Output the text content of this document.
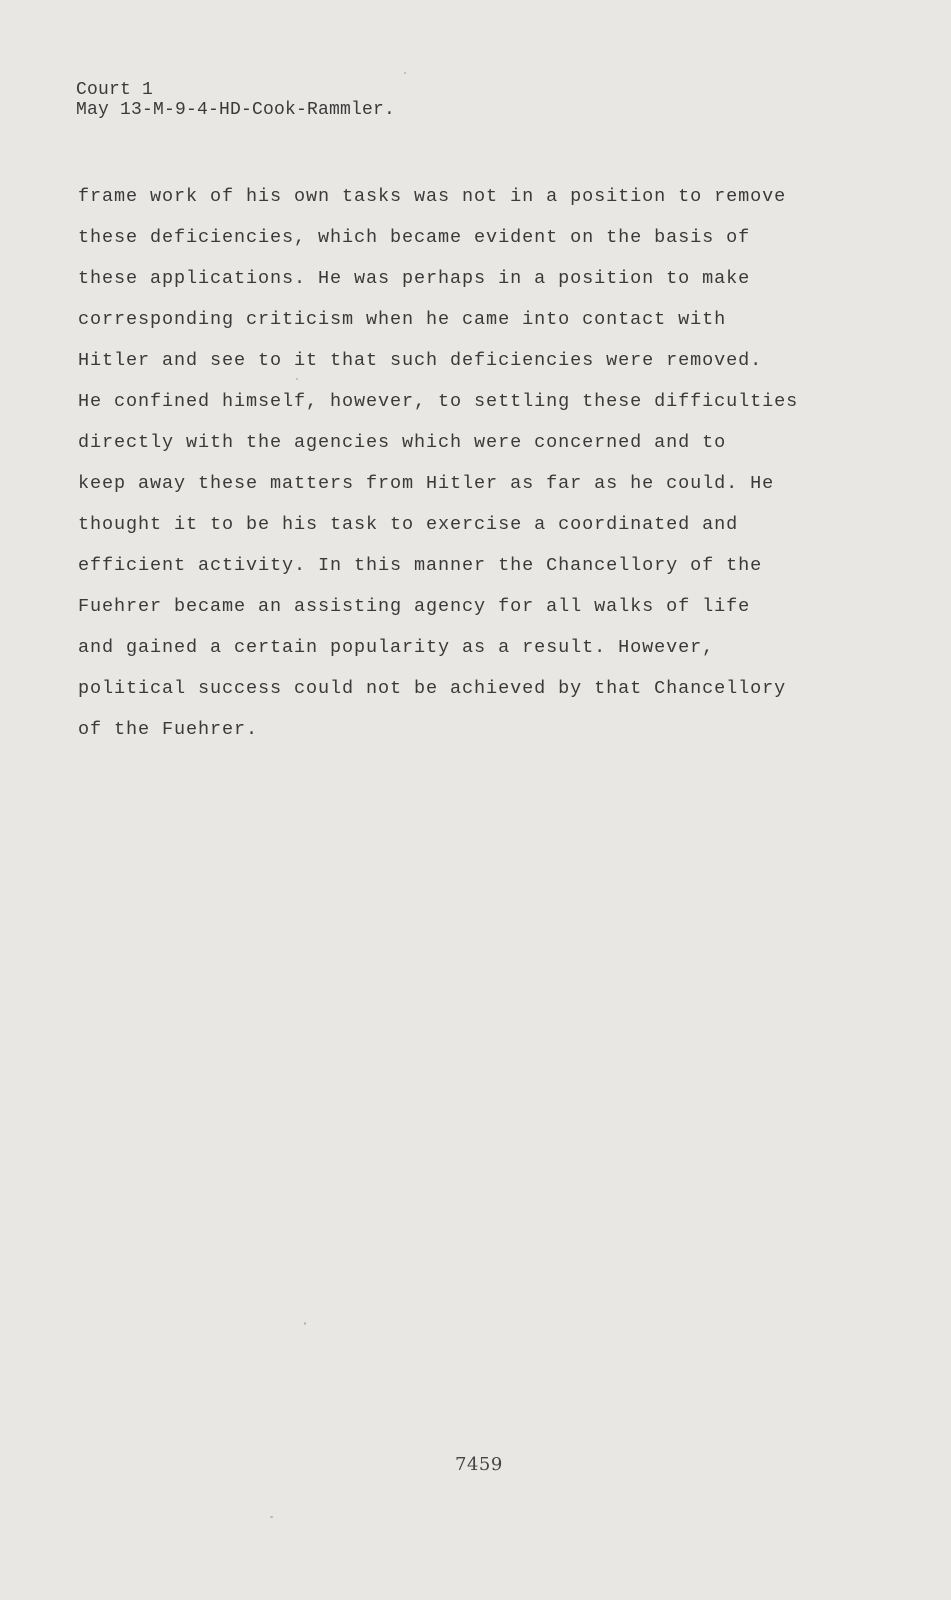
Court 1
May 13-M-9-4-HD-Cook-Rammler.
frame work of his own tasks was not in a position to remove
these deficiencies, which became evident on the basis of
these applications. He was perhaps in a position to make
corresponding criticism when he came into contact with
Hitler and see to it that such deficiencies were removed.
He confined himself, however, to settling these difficulties
directly with the agencies which were concerned and to
keep away these matters from Hitler as far as he could. He
thought it to be his task to exercise a coordinated and
efficient activity. In this manner the Chancellory of the
Fuehrer became an assisting agency for all walks of life
and gained a certain popularity as a result. However,
political success could not be achieved by that Chancellory
of the Fuehrer.
7459
